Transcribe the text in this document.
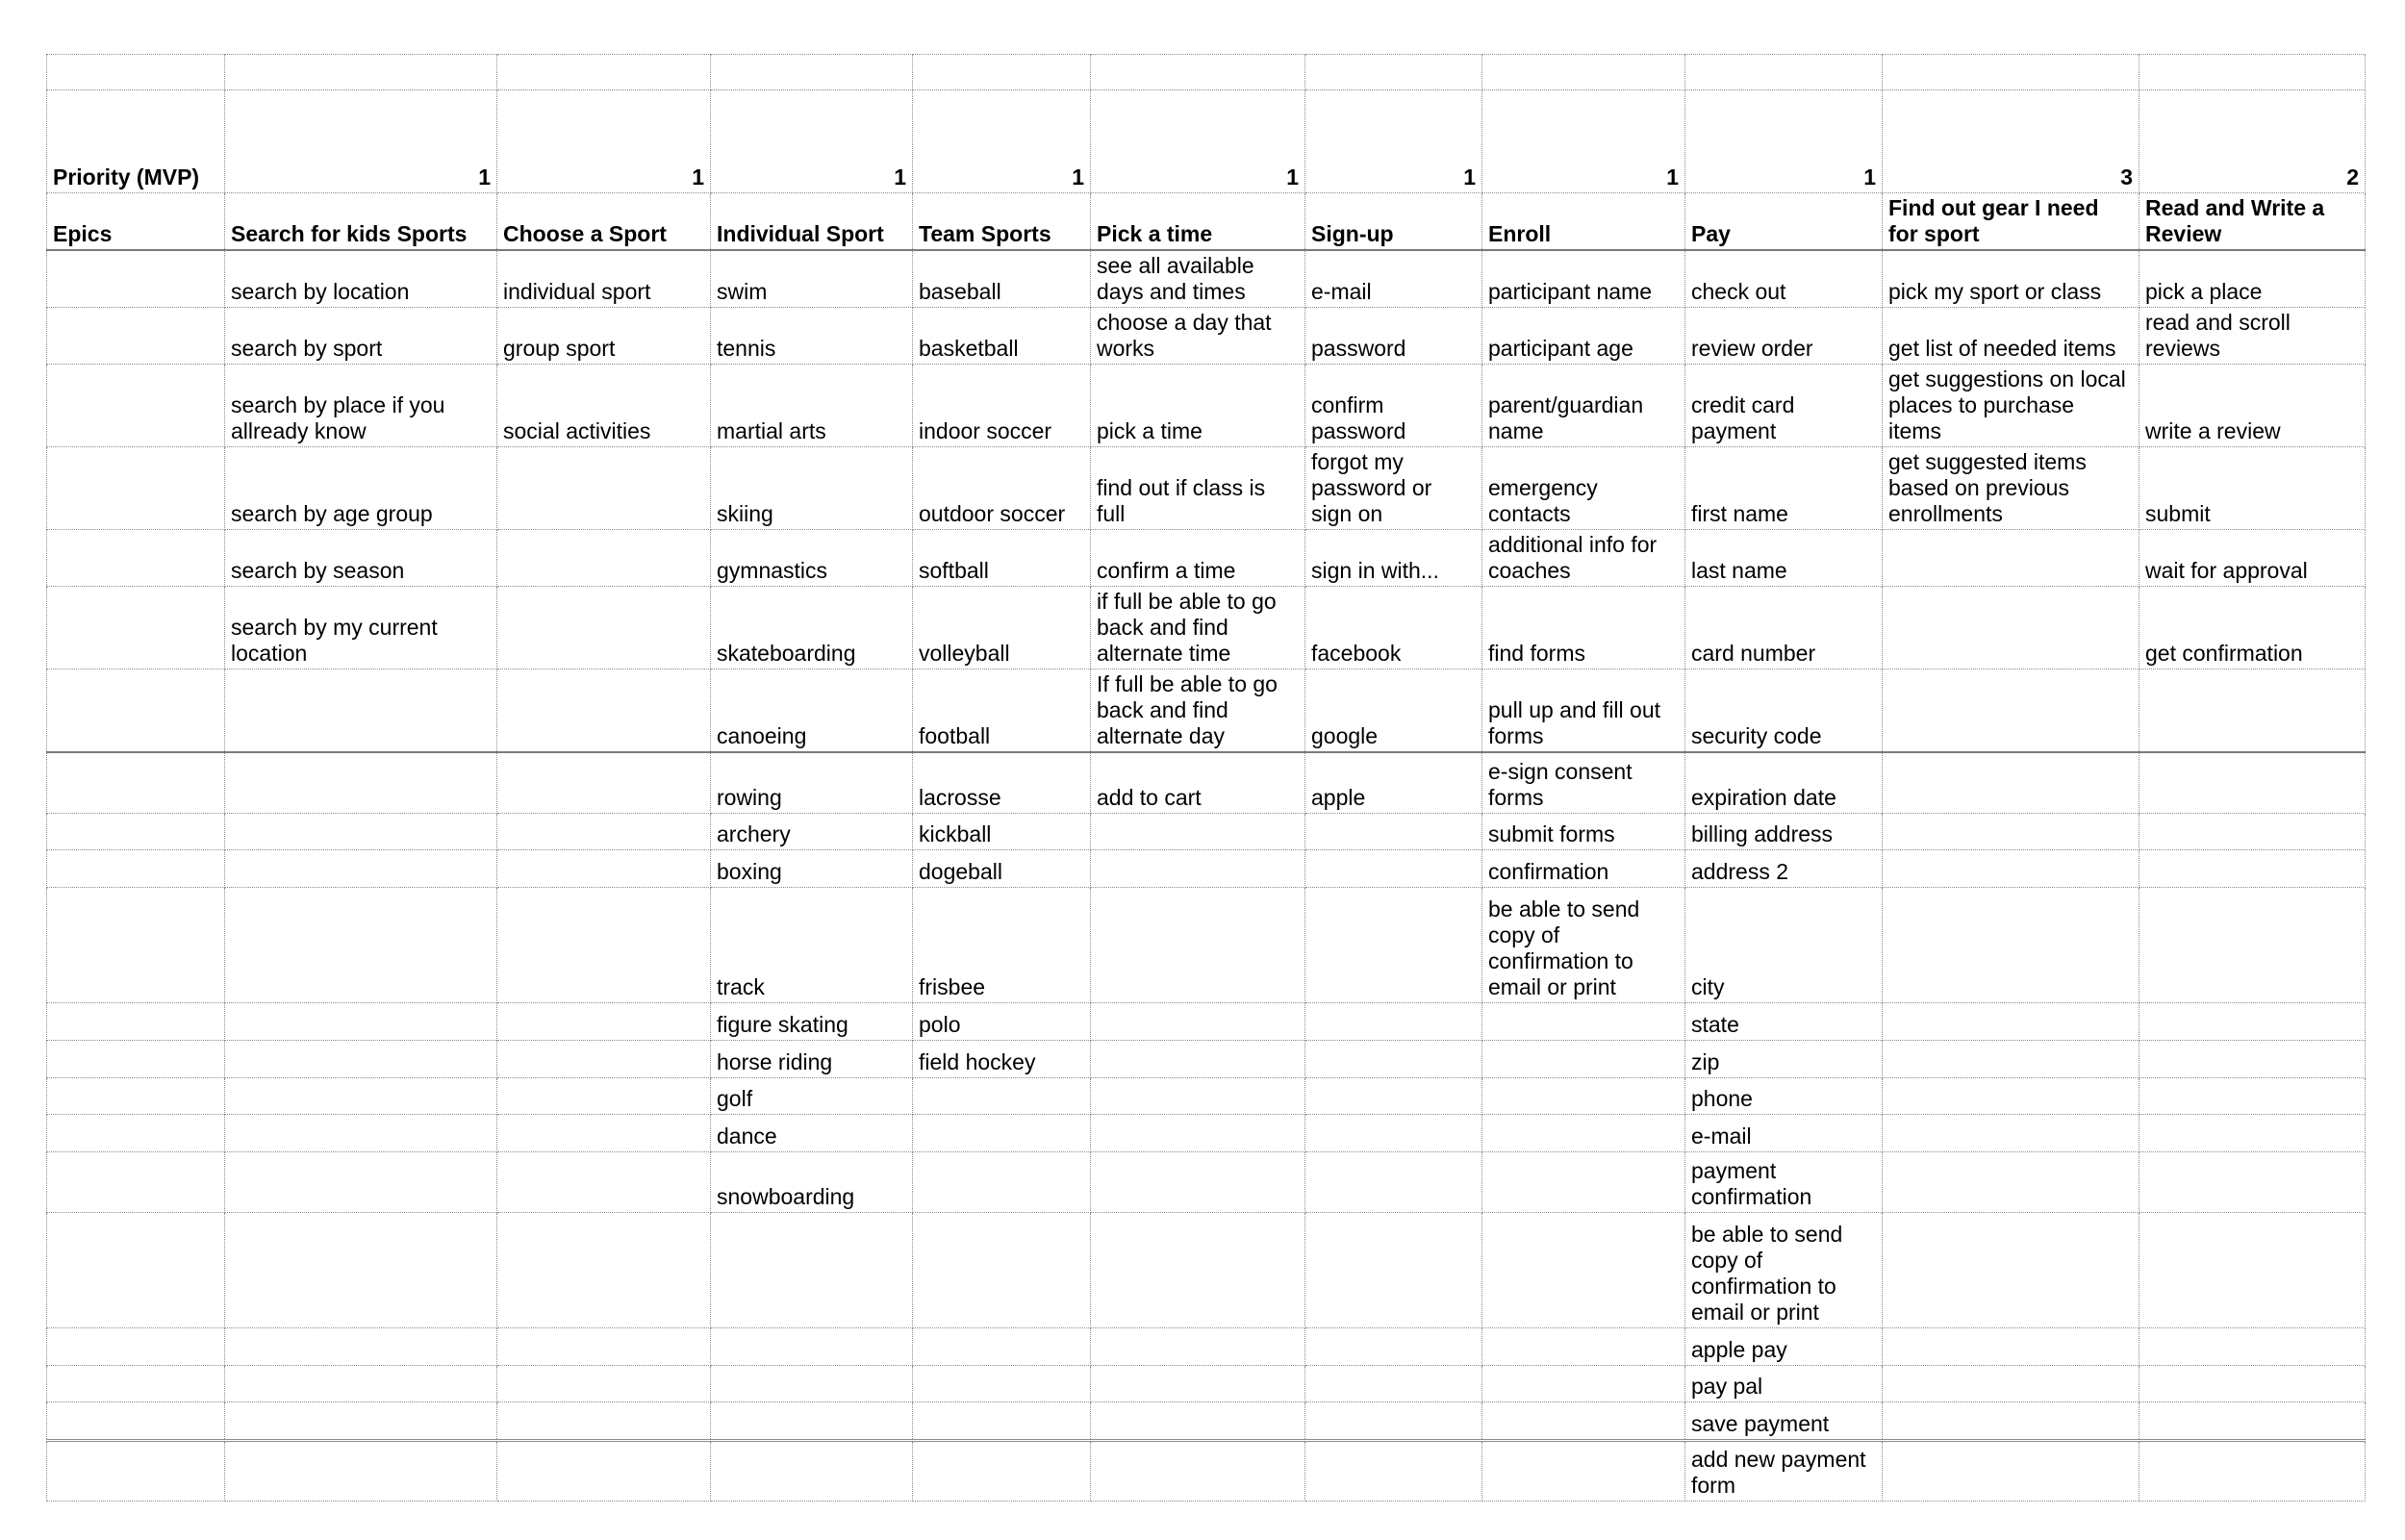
Priority (MVP)	1	1	1	1	1	1	1	1	3	2
Epics	Search for kids Sports	Choose a Sport	Individual Sport	Team Sports	Pick a time	Sign-up	Enroll	Pay	Find out gear I need for sport	Read and Write a Review
	search by location	individual sport	swim	baseball	see all available days and times	e-mail	participant name	check out	pick my sport or class	pick a place
	search by sport	group sport	tennis	basketball	choose a day that works	password	participant age	review order	get list of needed items	read and scroll reviews
	search by place if you allready know	social activities	martial arts	indoor soccer	pick a time	confirm password	parent/guardian name	credit card payment	get suggestions on local places to purchase items	write a review
	search by age group		skiing	outdoor soccer	find out if class is full	forgot my password or sign on	emergency contacts	first name	get suggested items based on previous enrollments	submit
	search by season		gymnastics	softball	confirm a time	sign in with...	additional info for coaches	last name		wait for approval
	search by my current location		skateboarding	volleyball	if full be able to go back and find alternate time	facebook	find forms	card number		get confirmation
			canoeing	football	If full be able to go back and find alternate day	google	pull up and fill out forms	security code		
			rowing	lacrosse	add to cart	apple	e-sign consent forms	expiration date		
			archery	kickball			submit forms	billing address		
			boxing	dogeball			confirmation	address 2		
			track	frisbee			be able to send copy of confirmation to email or print	city		
			figure skating	polo				state		
			horse riding	field hockey				zip		
			golf					phone		
			dance					e-mail		
			snowboarding					payment confirmation		
								be able to send copy of confirmation to email or print		
								apple pay		
								pay pal		
								save payment		
								add new payment form		
